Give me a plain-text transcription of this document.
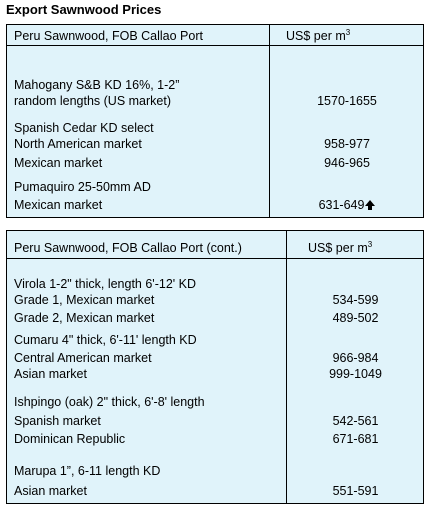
Export Sawnwood Prices
Peru Sawnwood, FOB Callao Port	US$ per $m^3$
Mahogany S&B KD 16%, 1-2”
random lengths (US market)	1570-1655
Spanish Cedar KD select
North American market	958-977
Mexican market	946-965
Pumaquiro 25-50mm AD
Mexican market	631-649
Peru Sawnwood, FOB Callao Port (cont.)	US$ per $m^3$
Virola 1-2" thick, length 6'-12' KD
Grade 1, Mexican market	534-599
Grade 2, Mexican market	489-502
Cumaru 4" thick, 6'-11' length KD
Central American market	966-984
Asian market	999-1049
Ishpingo (oak) 2" thick, 6'-8' length
Spanish market	542-561
Dominican Republic	671-681
Marupa 1”, 6-11 length KD
Asian market	551-591
